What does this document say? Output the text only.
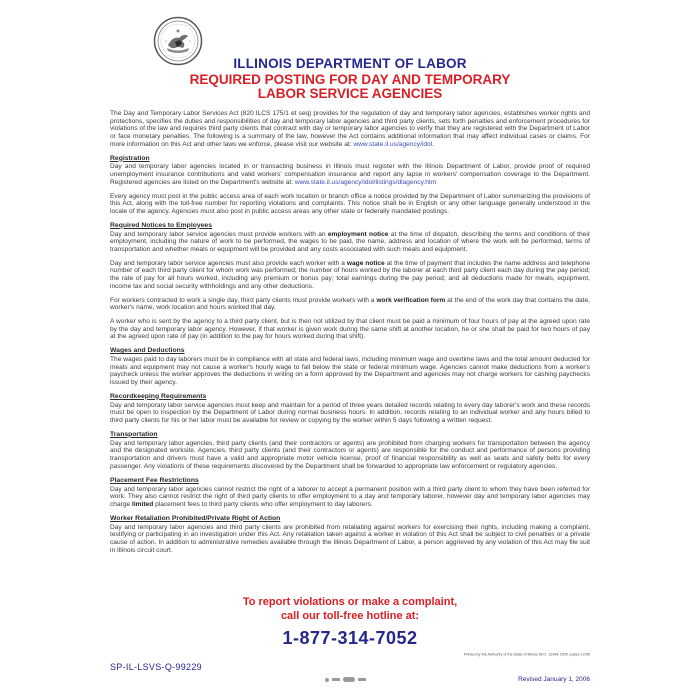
ILLINOIS DEPARTMENT OF LABOR
REQUIRED POSTING FOR DAY AND TEMPORARY
LABOR SERVICE AGENCIES

The Day and Temporary Labor Services Act (820 ILCS 175/1 et seq) provides for the regulation of day and temporary labor agencies, establishes worker rights and protections, specifies the duties and responsibilities of day and temporary labor agencies and third party clients, sets forth penalties and enforcement procedures for violations of the law and requires third party clients that contract with day or temporary labor agencies to verify that they are registered with the Department of Labor or face monetary penalties. The following is a summary of the law, however the Act contains additional information that may affect individual cases or claims. For more information on this Act and other laws we enforce, please visit our website at: www.state.il.us/agency/idol.

Registration

Day and temporary labor agencies located in or transacting business in Illinois must register with the Illinois Department of Labor, provide proof of required unemployment insurance contributions and valid workers' compensation insurance and report any lapse in workers' compensation coverage to the Department. Registered agencies are listed on the Department's website at: www.state.il.us/agency/idol/listings/dlagency.htm

Every agency must post in the public access area of each work location or branch office a notice provided by the Department of Labor summarizing the provisions of this Act, along with the toll-free number for reporting violations and complaints. This notice shall be in English or any other language generally understood in the locale of the agency. Agencies must also post in public access areas any other state or federally mandated postings.

Required Notices to Employees

Day and temporary labor service agencies must provide workers with an employment notice at the time of dispatch, describing the terms and conditions of their employment, including the nature of work to be performed, the wages to be paid, the name, address and location of where the work will be performed, terms of transportation and whether meals or equipment will be provided and any costs associated with such meals and equipment.

Day and temporary labor service agencies must also provide each worker with a wage notice at the time of payment that includes the name address and telephone number of each third party client for whom work was performed; the number of hours worked by the laborer at each third party client each day during the pay period; the rate of pay for all hours worked, including any premium or bonus pay; total earnings during the pay period; and all deductions made for meals, equipment, income tax and social security withholdings and any other deductions.

For workers contracted to work a single day, third party clients must provide workers with a work verification form at the end of the work day that contains the date, worker's name, work location and hours worked that day.

A worker who is sent by the agency to a third party client, but is then not utilized by that client must be paid a minimum of four hours of pay at the agreed upon rate by the day and temporary labor agency. However, if that worker is given work during the same shift at another location, he or she shall be paid for two hours of pay at the agreed upon rate of pay (in addition to the pay for hours worked during that shift).

Wages and Deductions

The wages paid to day laborers must be in compliance with all state and federal laws, including minimum wage and overtime laws and the total amount deducted for meals and equipment may not cause a worker's hourly wage to fall below the state or federal minimum wage. Agencies cannot make deductions from a worker's paycheck unless the worker approves the deductions in writing on a form approved by the Department and agencies may not charge workers for cashing paychecks issued by their agency.

Recordkeeping Requirements

Day and temporary labor service agencies must keep and maintain for a period of three years detailed records relating to every day laborer's work and these records must be open to inspection by the Department of Labor during normal business hours. In addition, records relating to an individual worker and any hours billed to third party clients for his or her labor must be available for review or copying by the worker within 5 days following a written request.

Transportation

Day and temporary labor agencies, third party clients (and their contractors or agents) are prohibited from charging workers for transportation between the agency and the designated worksite. Agencies, third party clients (and their contractors or agents) are responsible for the conduct and performance of persons providing transportation and drivers must have a valid and appropriate motor vehicle license, proof of financial responsibility as well as seats and safety belts for every passenger. Any violations of these requirements discovered by the Department shall be forwarded to appropriate law enforcement or regulatory agencies.

Placement Fee Restrictions

Day and temporary labor agencies cannot restrict the right of a laborer to accept a permanent position with a third party client to whom they have been referred for work. They also cannot restrict the right of third party clients to offer employment to a day and temporary laborer, however day and temporary labor agencies may charge limited placement fees to third party clients who offer employment to day laborers.

Worker Retaliation Prohibited/Private Right of Action

Day and temporary labor agencies and third party clients are prohibited from retaliating against workers for exercising their rights, including making a complaint, testifying or participating in an investigation under this Act. Any retaliation taken against a worker in violation of this Act shall be subject to civil penalties or a private cause of action. In addition to administrative remedies available through the Illinois Department of Labor, a person aggrieved by any violation of this Act may file suit in Illinois circuit court.

To report violations or make a complaint,
call our toll-free hotline at:
1-877-314-7052
Printed by the Authority of the State of Illinois W.O. 12948 1500 copies 12/05
SP-IL-LSVS-Q-99229
Revised January 1, 2006
